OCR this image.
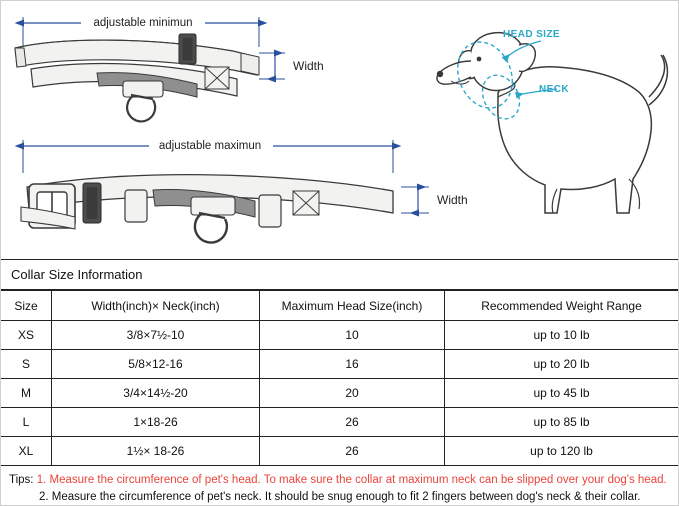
adjustable minimun
Width
adjustable maximun
Width
HEAD SIZE
NECK
Collar Size Information
Size	Width(inch)× Neck(inch)	Maximum Head Size(inch)	Recommended Weight Range
XS	3/8×7½-10	10	up to 10 lb
S	5/8×12-16	16	up to 20 lb
M	3/4×14½-20	20	up to 45 lb
L	1×18-26	26	up to 85 lb
XL	1½× 18-26	26	up to 120 lb
Tips: 1. Measure the circumference of pet's head. To make sure the collar at maximum neck can be slipped over your dog's head.
2. Measure the circumference of pet's neck. It should be snug enough to fit 2 fingers between dog's neck & their collar.
